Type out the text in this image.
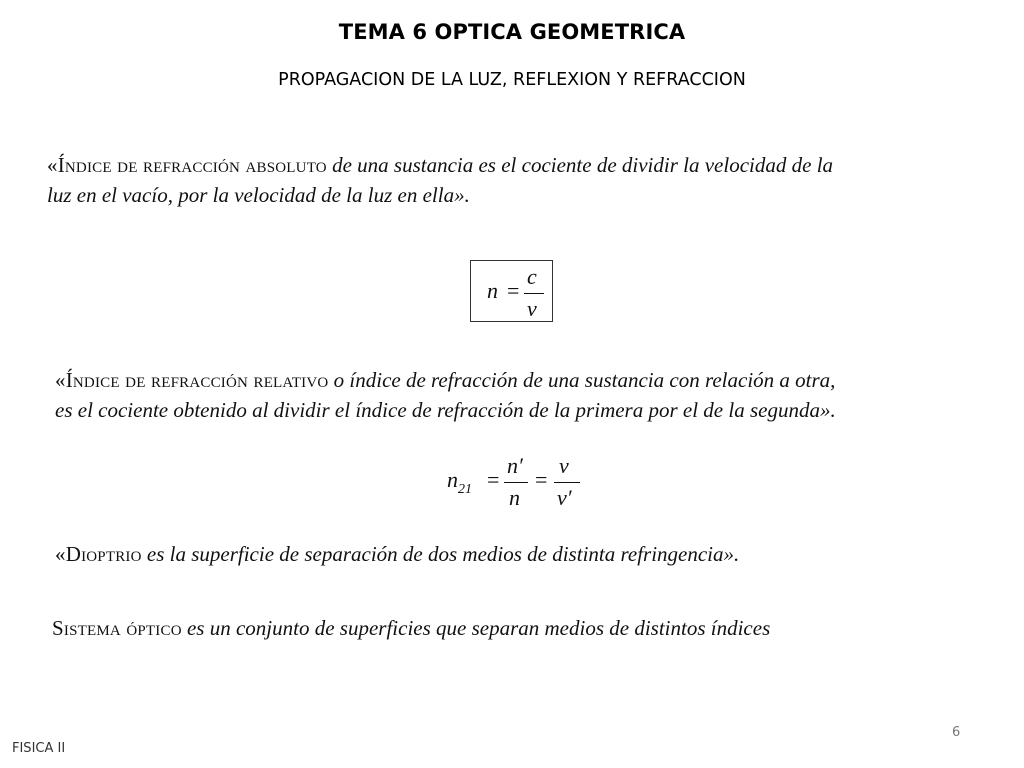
TEMA 6 OPTICA GEOMETRICA
PROPAGACION DE LA LUZ, REFLEXION Y REFRACCION
«Índice de refracción absoluto de una sustancia es el cociente de dividir la velocidad de la
luz en el vacío, por la velocidad de la luz en ella».
n =
c
v
«Índice de refracción relativo o índice de refracción de una sustancia con relación a otra,
es el cociente obtenido al dividir el índice de refracción de la primera por el de la segunda».
$n_{21}$ =
n′
n
=
v
v′
«Dioptrio es la superficie de separación de dos medios de distinta refringencia».
Sistema óptico es un conjunto de superficies que separan medios de distintos índices
6
FISICA II
